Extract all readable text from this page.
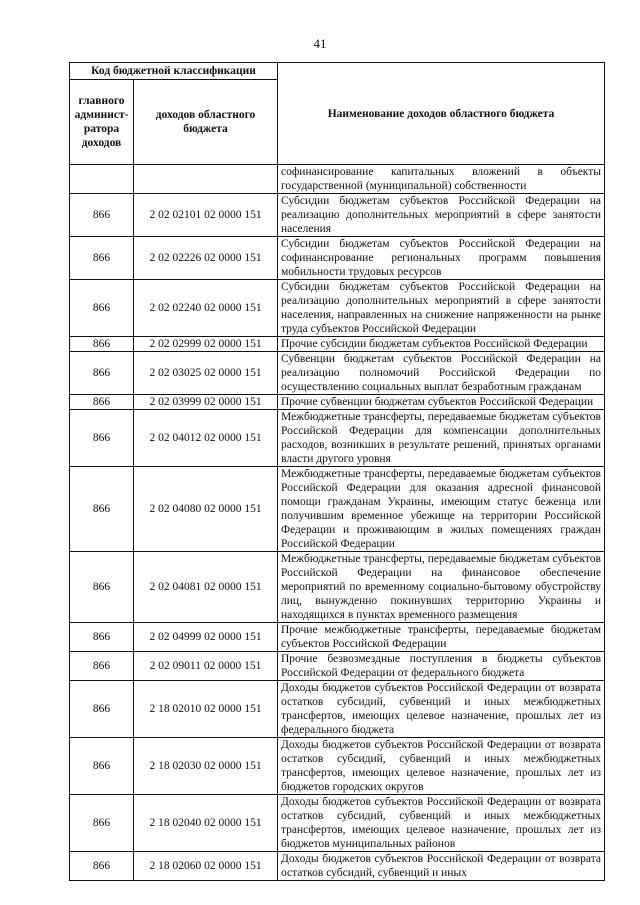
41
Код бюджетной классификации		Наименование доходов областного бюджета
главного админист-ратора доходов	доходов областного бюджета	
		софинансирование капитальных вложений в объекты государственной (муниципальной) собственности
866	2 02 02101 02 0000 151	Субсидии бюджетам субъектов Российской Федерации на реализацию дополнительных мероприятий в сфере занятости населения
866	2 02 02226 02 0000 151	Субсидии бюджетам субъектов Российской Федерации на софинансирование региональных программ повышения мобильности трудовых ресурсов
866	2 02 02240 02 0000 151	Субсидии бюджетам субъектов Российской Федерации на реализацию дополнительных мероприятий в сфере занятости населения, направленных на снижение напряженности на рынке труда субъектов Российской Федерации
866	2 02 02999 02 0000 151	Прочие субсидии бюджетам субъектов Российской Федерации
866	2 02 03025 02 0000 151	Субвенции бюджетам субъектов Российской Федерации на реализацию полномочий Российской Федерации по осуществлению социальных выплат безработным гражданам
866	2 02 03999 02 0000 151	Прочие субвенции бюджетам субъектов Российской Федерации
866	2 02 04012 02 0000 151	Межбюджетные трансферты, передаваемые бюджетам субъектов Российской Федерации для компенсации дополнительных расходов, возникших в результате решений, принятых органами власти другого уровня
866	2 02 04080 02 0000 151	Межбюджетные трансферты, передаваемые бюджетам субъектов Российской Федерации для оказания адресной финансовой помощи гражданам Украины, имеющим статус беженца или получившим временное убежище на территории Российской Федерации и проживающим в жилых помещениях граждан Российской Федерации
866	2 02 04081 02 0000 151	Межбюджетные трансферты, передаваемые бюджетам субъектов Российской Федерации на финансовое обеспечение мероприятий по временному социально-бытовому обустройству лиц, вынужденно покинувших территорию Украины и находящихся в пунктах временного размещения
866	2 02 04999 02 0000 151	Прочие межбюджетные трансферты, передаваемые бюджетам субъектов Российской Федерации
866	2 02 09011 02 0000 151	Прочие безвозмездные поступления в бюджеты субъектов Российской Федерации от федерального бюджета
866	2 18 02010 02 0000 151	Доходы бюджетов субъектов Российской Федерации от возврата остатков субсидий, субвенций и иных межбюджетных трансфертов, имеющих целевое назначение, прошлых лет из федерального бюджета
866	2 18 02030 02 0000 151	Доходы бюджетов субъектов Российской Федерации от возврата остатков субсидий, субвенций и иных межбюджетных трансфертов, имеющих целевое назначение, прошлых лет из бюджетов городских округов
866	2 18 02040 02 0000 151	Доходы бюджетов субъектов Российской Федерации от возврата остатков субсидий, субвенций и иных межбюджетных трансфертов, имеющих целевое назначение, прошлых лет из бюджетов муниципальных районов
866	2 18 02060 02 0000 151	Доходы бюджетов субъектов Российской Федерации от возврата остатков субсидий, субвенций и иных
